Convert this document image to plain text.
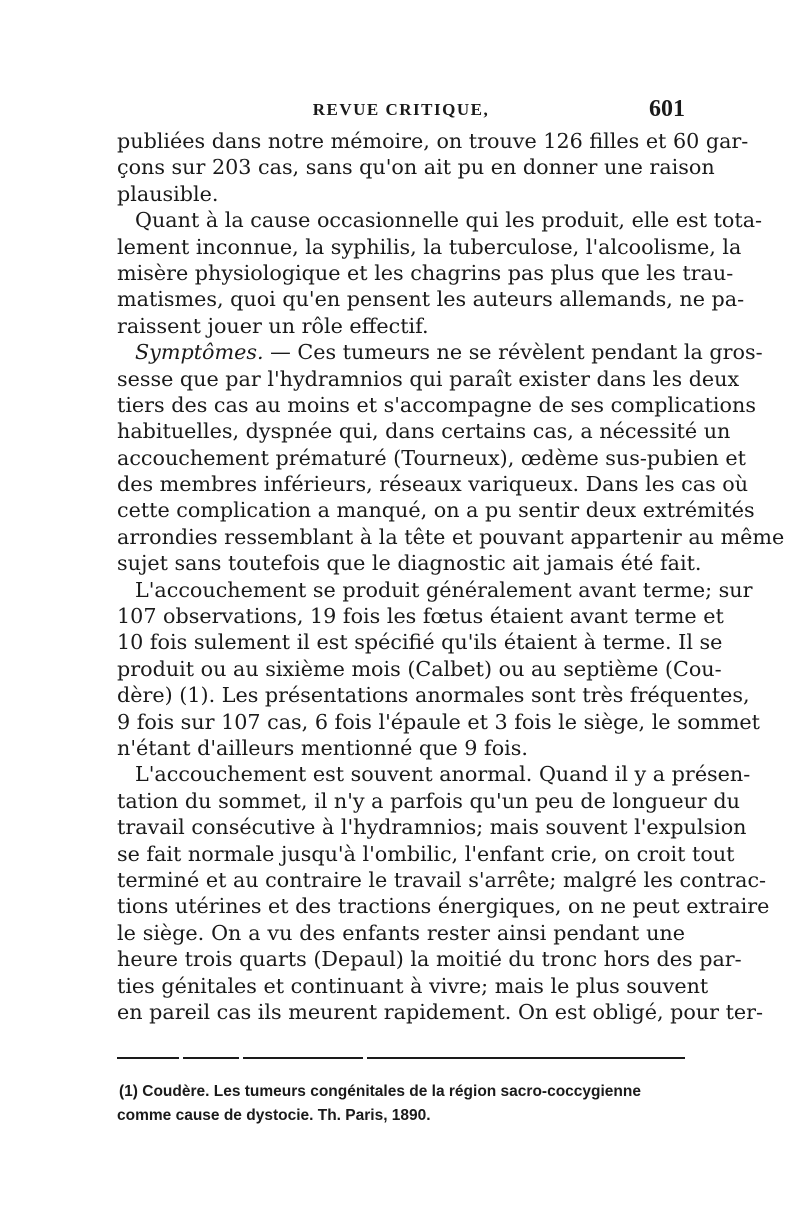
REVUE CRITIQUE,	601
publiées dans notre mémoire, on trouve 126 filles et 60 gar-
çons sur 203 cas, sans qu'on ait pu en donner une raison
plausible.
Quant à la cause occasionnelle qui les produit, elle est tota-
lement inconnue, la syphilis, la tuberculose, l'alcoolisme, la
misère physiologique et les chagrins pas plus que les trau-
matismes, quoi qu'en pensent les auteurs allemands, ne pa-
raissent jouer un rôle effectif.
Symptômes. — Ces tumeurs ne se révèlent pendant la gros-
sesse que par l'hydramnios qui paraît exister dans les deux
tiers des cas au moins et s'accompagne de ses complications
habituelles, dyspnée qui, dans certains cas, a nécessité un
accouchement prématuré (Tourneux), œdème sus-pubien et
des membres inférieurs, réseaux variqueux. Dans les cas où
cette complication a manqué, on a pu sentir deux extrémités
arrondies ressemblant à la tête et pouvant appartenir au même
sujet sans toutefois que le diagnostic ait jamais été fait.
L'accouchement se produit généralement avant terme; sur
107 observations, 19 fois les fœtus étaient avant terme et
10 fois sulement il est spécifié qu'ils étaient à terme. Il se
produit ou au sixième mois (Calbet) ou au septième (Cou-
dère) (1). Les présentations anormales sont très fréquentes,
9 fois sur 107 cas, 6 fois l'épaule et 3 fois le siège, le sommet
n'étant d'ailleurs mentionné que 9 fois.
L'accouchement est souvent anormal. Quand il y a présen-
tation du sommet, il n'y a parfois qu'un peu de longueur du
travail consécutive à l'hydramnios; mais souvent l'expulsion
se fait normale jusqu'à l'ombilic, l'enfant crie, on croit tout
terminé et au contraire le travail s'arrête; malgré les contrac-
tions utérines et des tractions énergiques, on ne peut extraire
le siège. On a vu des enfants rester ainsi pendant une
heure trois quarts (Depaul) la moitié du tronc hors des par-
ties génitales et continuant à vivre; mais le plus souvent
en pareil cas ils meurent rapidement. On est obligé, pour ter-
(1) Coudère. Les tumeurs congénitales de la région sacro-coccygienne
comme cause de dystocie. Th. Paris, 1890.
